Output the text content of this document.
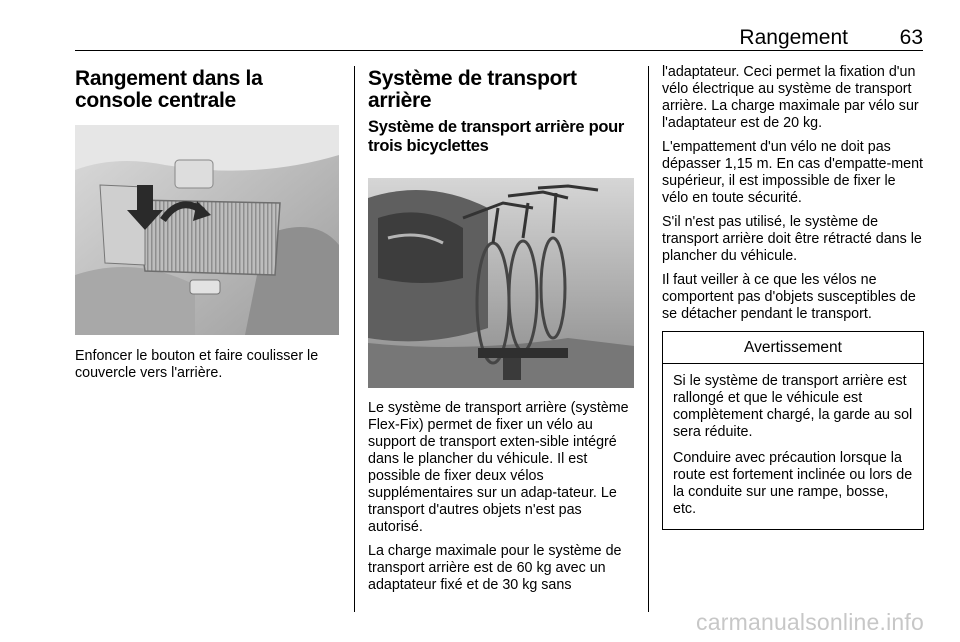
Rangement 63
Rangement dans la console centrale

Enfoncer le bouton et faire coulisser le couvercle vers l'arrière.

Système de transport arrière
Système de transport arrière pour trois bicyclettes

Le système de transport arrière (système Flex-Fix) permet de fixer un vélo au support de transport exten-sible intégré dans le plancher du véhicule. Il est possible de fixer deux vélos supplémentaires sur un adap-tateur. Le transport d'autres objets n'est pas autorisé.

La charge maximale pour le système de transport arrière est de 60 kg avec un adaptateur fixé et de 30 kg sans

l'adaptateur. Ceci permet la fixation d'un vélo électrique au système de transport arrière. La charge maximale par vélo sur l'adaptateur est de 20 kg.

L'empattement d'un vélo ne doit pas dépasser 1,15 m. En cas d'empatte-ment supérieur, il est impossible de fixer le vélo en toute sécurité.

S'il n'est pas utilisé, le système de transport arrière doit être rétracté dans le plancher du véhicule.

Il faut veiller à ce que les vélos ne comportent pas d'objets susceptibles de se détacher pendant le transport.

Avertissement

Si le système de transport arrière est rallongé et que le véhicule est complètement chargé, la garde au sol sera réduite.

Conduire avec précaution lorsque la route est fortement inclinée ou lors de la conduite sur une rampe, bosse, etc.

carmanualsonline.info
